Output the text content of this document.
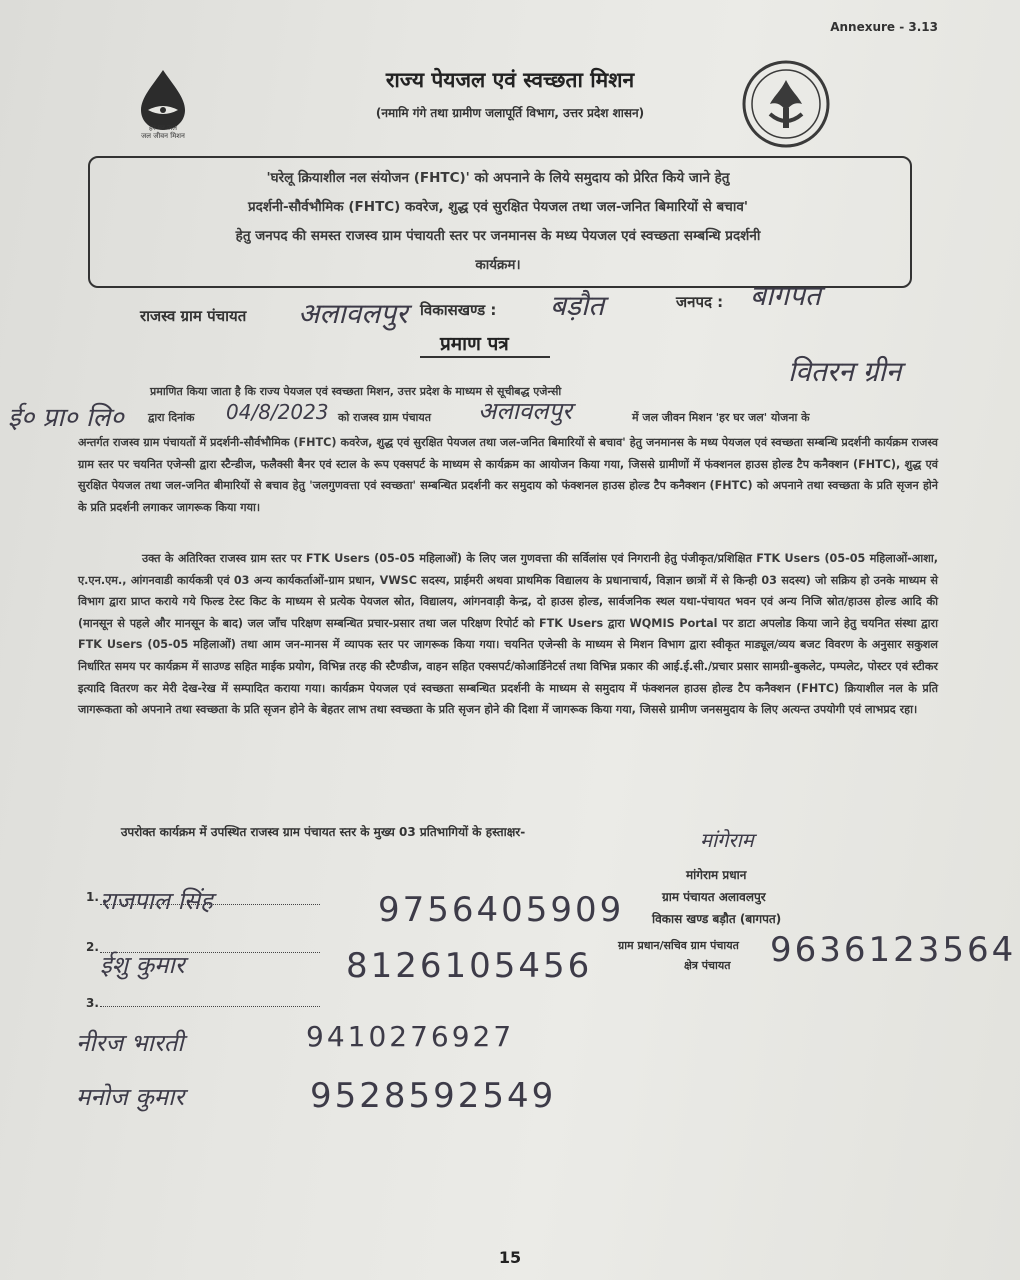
Annexure - 3.13
हर घर जल
जल जीवन मिशन
राज्य पेयजल एवं स्वच्छता मिशन
(नमामि गंगे तथा ग्रामीण जलापूर्ति विभाग, उत्तर प्रदेश शासन)
'घरेलू क्रियाशील नल संयोजन (FHTC)' को अपनाने के लिये समुदाय को प्रेरित किये जाने हेतु
प्रदर्शनी-सौर्वभौमिक (FHTC) कवरेज, शुद्ध एवं सुरक्षित पेयजल तथा जल-जनित बिमारियों से बचाव'
हेतु जनपद की समस्त राजस्व ग्राम पंचायती स्तर पर जनमानस के मध्य पेयजल एवं स्वच्छता सम्बन्धि प्रदर्शनी
कार्यक्रम।
राजस्व ग्राम पंचायत अलावलपुर विकासखण्ड : बड़ौत	जनपद : बागपत
प्रमाण पत्र
प्रमाणित किया जाता है कि राज्य पेयजल एवं स्वच्छता मिशन, उत्तर प्रदेश के माध्यम से सूचीबद्ध एजेन्सी
वितरन ग्रीन
ई० प्रा० लि० द्वारा दिनांक 04/8/2023 को राजस्व ग्राम पंचायत अलावलपुर	में जल जीवन मिशन 'हर घर जल' योजना के
अन्तर्गत राजस्व ग्राम पंचायतों में प्रदर्शनी-सौर्वभौमिक (FHTC) कवरेज, शुद्ध एवं सुरक्षित पेयजल तथा जल-जनित बिमारियों से बचाव' हेतु जनमानस के मध्य पेयजल एवं स्वच्छता सम्बन्धि प्रदर्शनी कार्यक्रम राजस्व ग्राम स्तर पर चयनित एजेन्सी द्वारा स्टैन्डीज, फलैक्सी बैनर एवं स्टाल के रूप एक्सपर्ट के माध्यम से कार्यक्रम का आयोजन किया गया, जिससे ग्रामीणों में फंक्शनल हाउस होल्ड टैप कनैक्शन (FHTC), शुद्ध एवं सुरक्षित पेयजल तथा जल-जनित बीमारियों से बचाव हेतु 'जलगुणवत्ता एवं स्वच्छता' सम्बन्धित प्रदर्शनी कर समुदाय को फंक्शनल हाउस होल्ड टैप कनैक्शन (FHTC) को अपनाने तथा स्वच्छता के प्रति सृजन होने के प्रति प्रदर्शनी लगाकर जागरूक किया गया।
उक्त के अतिरिक्त राजस्व ग्राम स्तर पर FTK Users (05-05 महिलाओं) के लिए जल गुणवत्ता की सर्विलांस एवं निगरानी हेतु पंजीकृत/प्रशिक्षित FTK Users (05-05 महिलाओं-आशा, ए.एन.एम., आंगनवाडी कार्यकत्री एवं 03 अन्य कार्यकर्ताओं-ग्राम प्रधान, VWSC सदस्य, प्राईमरी अथवा प्राथमिक विद्यालय के प्रधानाचार्य, विज्ञान छात्रों में से किन्ही 03 सदस्य) जो सक्रिय हो उनके माध्यम से विभाग द्वारा प्राप्त कराये गये फिल्ड टेस्ट किट के माध्यम से प्रत्येक पेयजल स्रोत, विद्यालय, आंगनवाड़ी केन्द्र, दो हाउस होल्ड, सार्वजनिक स्थल यथा-पंचायत भवन एवं अन्य निजि स्रोत/हाउस होल्ड आदि की (मानसून से पहले और मानसून के बाद) जल जाँच परिक्षण सम्बन्धित प्रचार-प्रसार तथा जल परिक्षण रिपोर्ट को FTK Users द्वारा WQMIS Portal पर डाटा अपलोड किया जाने हेतु चयनित संस्था द्वारा FTK Users (05-05 महिलाओं) तथा आम जन-मानस में व्यापक स्तर पर जागरूक किया गया। चयनित एजेन्सी के माध्यम से मिशन विभाग द्वारा स्वीकृत माड्यूल/व्यय बजट विवरण के अनुसार सकुशल निर्धारित समय पर कार्यक्रम में साउण्ड सहित माईक प्रयोग, विभिन्न तरह की स्टैण्डीज, वाहन सहित एक्सपर्ट/कोआर्डिनेटर्स तथा विभिन्न प्रकार की आई.ई.सी./प्रचार प्रसार सामग्री-बुकलेट, पम्पलेट, पोस्टर एवं स्टीकर इत्यादि वितरण कर मेरी देख-रेख में सम्पादित कराया गया। कार्यक्रम पेयजल एवं स्वच्छता सम्बन्धित प्रदर्शनी के माध्यम से समुदाय में फंक्शनल हाउस होल्ड टैप कनैक्शन (FHTC) क्रियाशील नल के प्रति जागरूकता को अपनाने तथा स्वच्छता के प्रति सृजन होने के बेहतर लाभ तथा स्वच्छता के प्रति सृजन होने की दिशा में जागरूक किया गया, जिससे ग्रामीण जनसमुदाय के लिए अत्यन्त उपयोगी एवं लाभप्रद रहा।
उपरोक्त कार्यक्रम में उपस्थित राजस्व ग्राम पंचायत स्तर के मुख्य 03 प्रतिभागियों के हस्ताक्षर-	मांगेराम
मांगेराम प्रधान
ग्राम पंचायत अलावलपुर
विकास खण्ड बड़ौत (बागपत)
ग्राम प्रधान/सचिव ग्राम पंचायत
क्षेत्र पंचायत 9636123564
1. राजपाल सिंह	9756405909
2.
ईशु कुमार	8126105456
3.
नीरज भारती	9410276927
मनोज कुमार	9528592549
15
